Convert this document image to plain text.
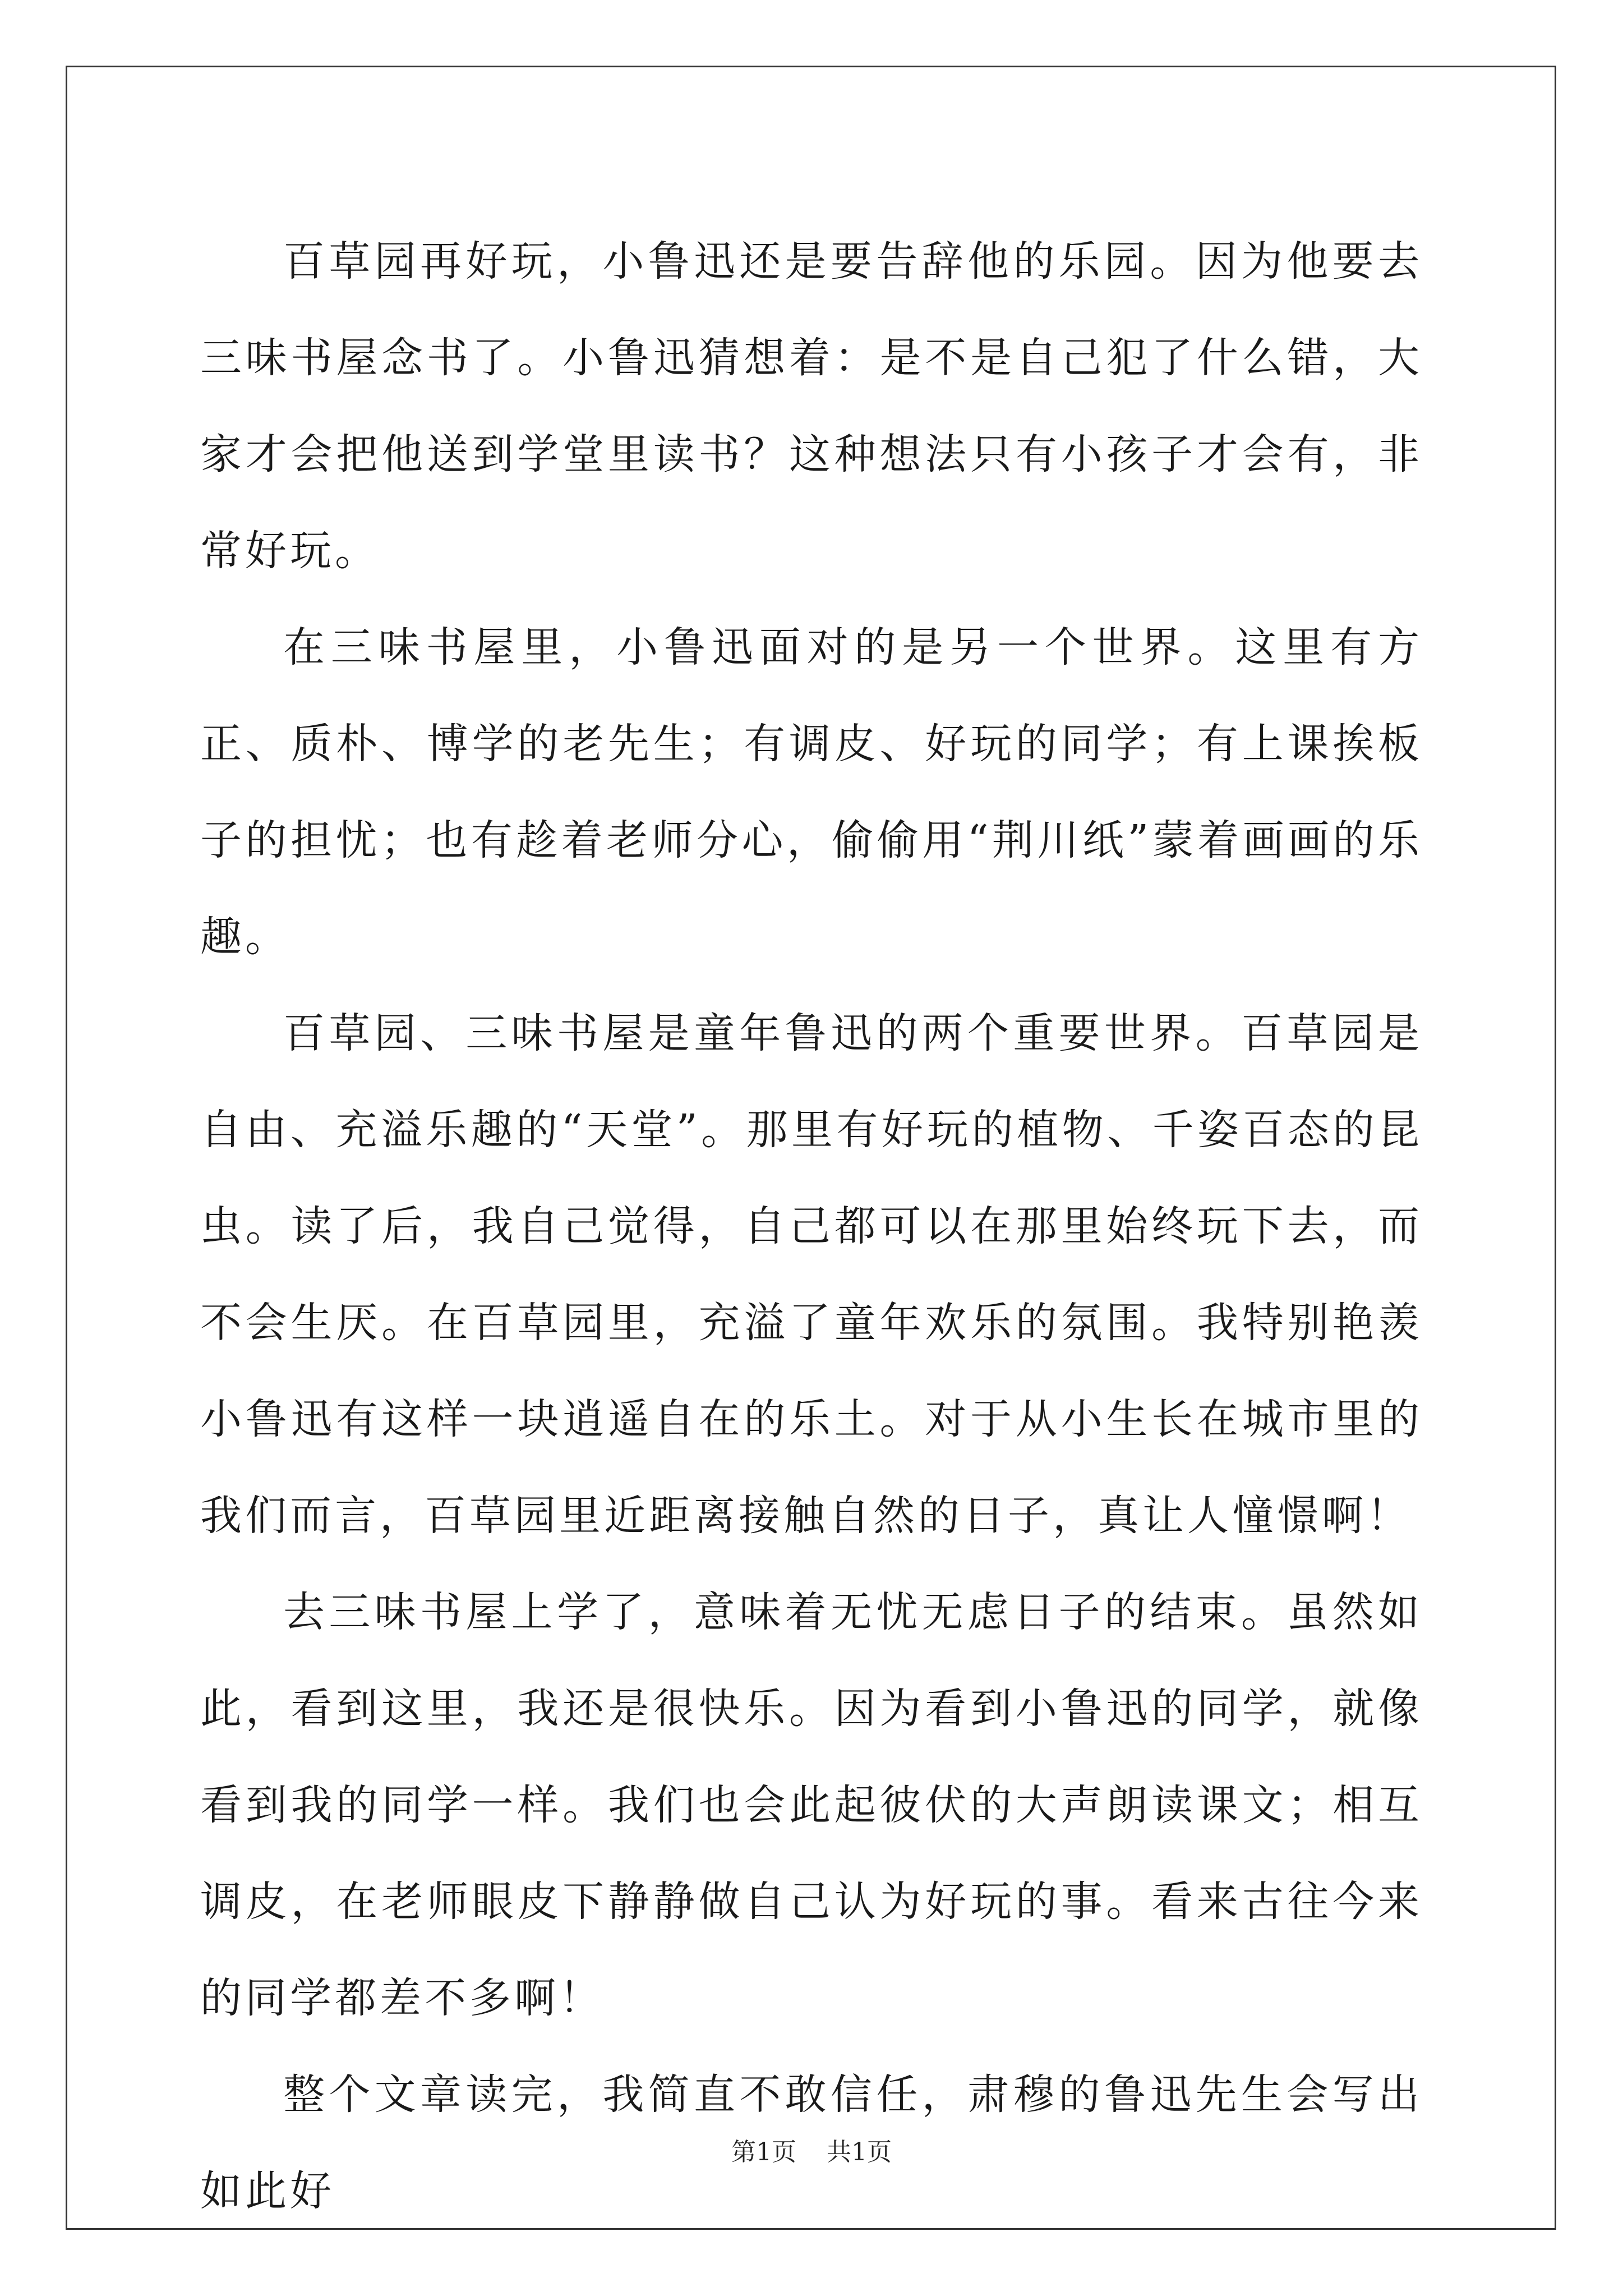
百草园再好玩，小鲁迅还是要告辞他的乐园。因为他要去三味书屋念书了。小鲁迅猜想着：是不是自己犯了什么错，大家才会把他送到学堂里读书？这种想法只有小孩子才会有，非常好玩。

在三味书屋里，小鲁迅面对的是另一个世界。这里有方正、质朴、博学的老先生；有调皮、好玩的同学；有上课挨板子的担忧；也有趁着老师分心，偷偷用“荆川纸”蒙着画画的乐趣。

百草园、三味书屋是童年鲁迅的两个重要世界。百草园是自由、充溢乐趣的“天堂”。那里有好玩的植物、千姿百态的昆虫。读了后，我自己觉得，自己都可以在那里始终玩下去，而不会生厌。在百草园里，充溢了童年欢乐的氛围。我特别艳羡小鲁迅有这样一块逍遥自在的乐土。对于从小生长在城市里的我们而言，百草园里近距离接触自然的日子，真让人憧憬啊！

去三味书屋上学了，意味着无忧无虑日子的结束。虽然如此，看到这里，我还是很快乐。因为看到小鲁迅的同学，就像看到我的同学一样。我们也会此起彼伏的大声朗读课文；相互调皮，在老师眼皮下静静做自己认为好玩的事。看来古往今来的同学都差不多啊！

整个文章读完，我简直不敢信任，肃穆的鲁迅先生会写出如此好

第1页 共1页
